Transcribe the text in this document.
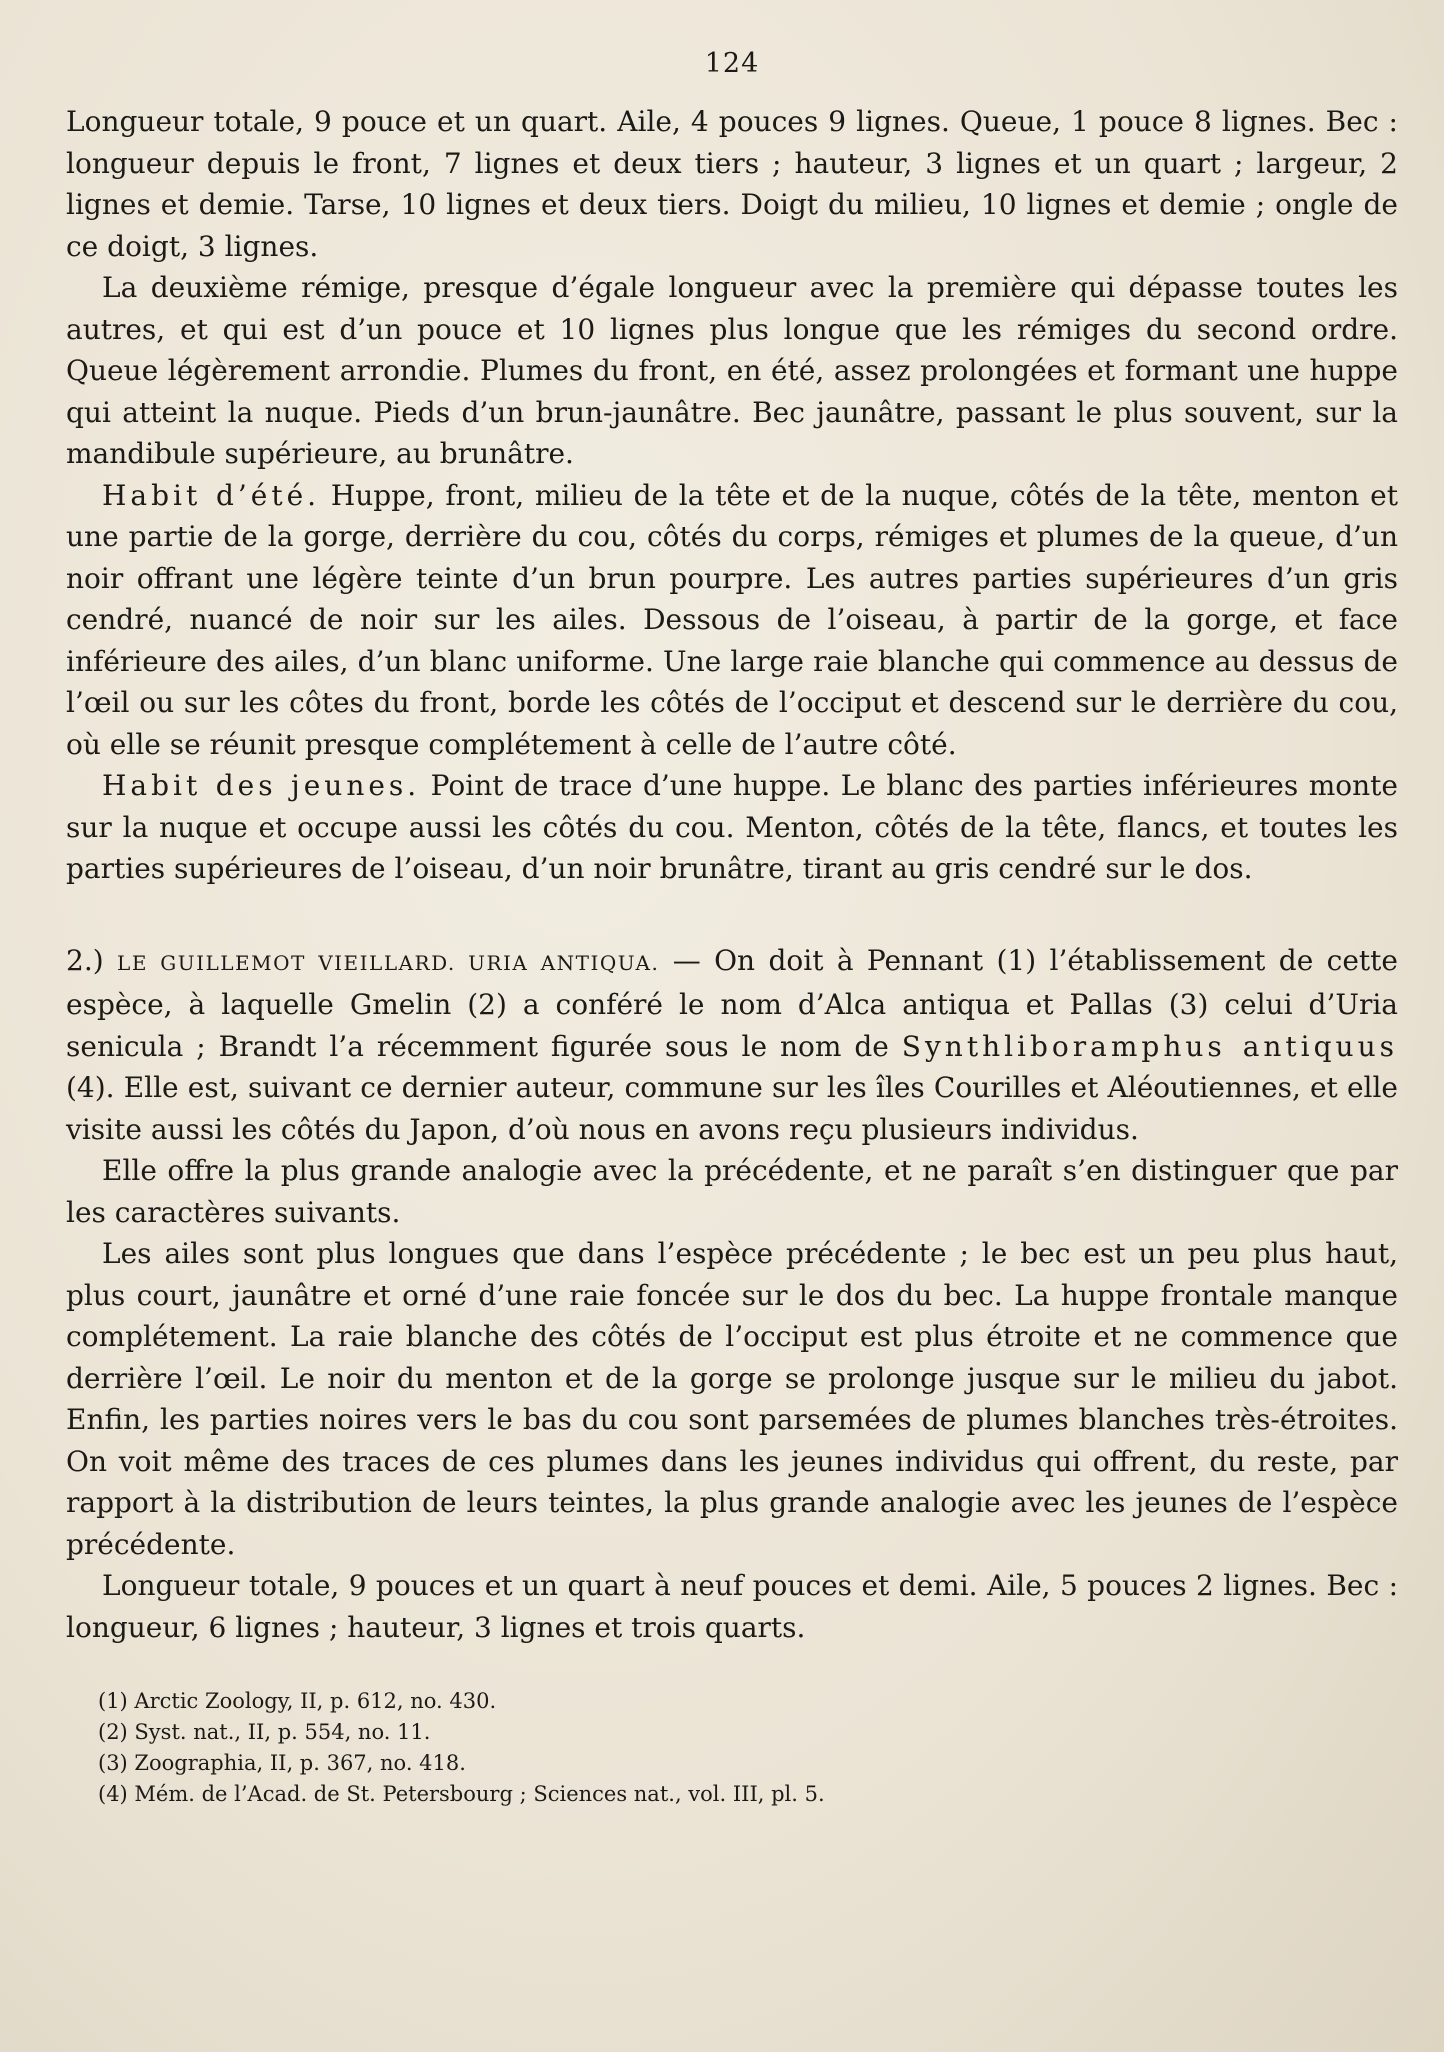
124

Longueur totale, 9 pouce et un quart. Aile, 4 pouces 9 lignes. Queue, 1 pouce 8 lignes. Bec : longueur depuis le front, 7 lignes et deux tiers ; hauteur, 3 lignes et un quart ; largeur, 2 lignes et demie. Tarse, 10 lignes et deux tiers. Doigt du milieu, 10 lignes et demie ; ongle de ce doigt, 3 lignes.

La deuxième rémige, presque d’égale longueur avec la première qui dépasse toutes les autres, et qui est d’un pouce et 10 lignes plus longue que les rémiges du second ordre. Queue légèrement arrondie. Plumes du front, en été, assez prolongées et formant une huppe qui atteint la nuque. Pieds d’un brun-jaunâtre. Bec jaunâtre, passant le plus souvent, sur la mandibule supérieure, au brunâtre.

Habit d’été. Huppe, front, milieu de la tête et de la nuque, côtés de la tête, menton et une partie de la gorge, derrière du cou, côtés du corps, rémiges et plumes de la queue, d’un noir offrant une légère teinte d’un brun pourpre. Les autres parties supérieures d’un gris cendré, nuancé de noir sur les ailes. Dessous de l’oiseau, à partir de la gorge, et face inférieure des ailes, d’un blanc uniforme. Une large raie blanche qui commence au dessus de l’œil ou sur les côtes du front, borde les côtés de l’occiput et descend sur le derrière du cou, où elle se réunit presque complétement à celle de l’autre côté.

Habit des jeunes. Point de trace d’une huppe. Le blanc des parties inférieures monte sur la nuque et occupe aussi les côtés du cou. Menton, côtés de la tête, flancs, et toutes les parties supérieures de l’oiseau, d’un noir brunâtre, tirant au gris cendré sur le dos.

2.) LE GUILLEMOT VIEILLARD. URIA ANTIQUA. — On doit à Pennant (1) l’établissement de cette espèce, à laquelle Gmelin (2) a conféré le nom d’Alca antiqua et Pallas (3) celui d’Uria senicula ; Brandt l’a récemment figurée sous le nom de Synthliboramphus antiquus (4). Elle est, suivant ce dernier auteur, commune sur les îles Courilles et Aléoutiennes, et elle visite aussi les côtés du Japon, d’où nous en avons reçu plusieurs individus.

Elle offre la plus grande analogie avec la précédente, et ne paraît s’en distinguer que par les caractères suivants.

Les ailes sont plus longues que dans l’espèce précédente ; le bec est un peu plus haut, plus court, jaunâtre et orné d’une raie foncée sur le dos du bec. La huppe frontale manque complétement. La raie blanche des côtés de l’occiput est plus étroite et ne commence que derrière l’œil. Le noir du menton et de la gorge se prolonge jusque sur le milieu du jabot. Enfin, les parties noires vers le bas du cou sont parsemées de plumes blanches très-étroites. On voit même des traces de ces plumes dans les jeunes individus qui offrent, du reste, par rapport à la distribution de leurs teintes, la plus grande analogie avec les jeunes de l’espèce précédente.

Longueur totale, 9 pouces et un quart à neuf pouces et demi. Aile, 5 pouces 2 lignes. Bec : longueur, 6 lignes ; hauteur, 3 lignes et trois quarts.

(1) Arctic Zoology, II, p. 612, no. 430.

(2) Syst. nat., II, p. 554, no. 11.

(3) Zoographia, II, p. 367, no. 418.

(4) Mém. de l’Acad. de St. Petersbourg ; Sciences nat., vol. III, pl. 5.
